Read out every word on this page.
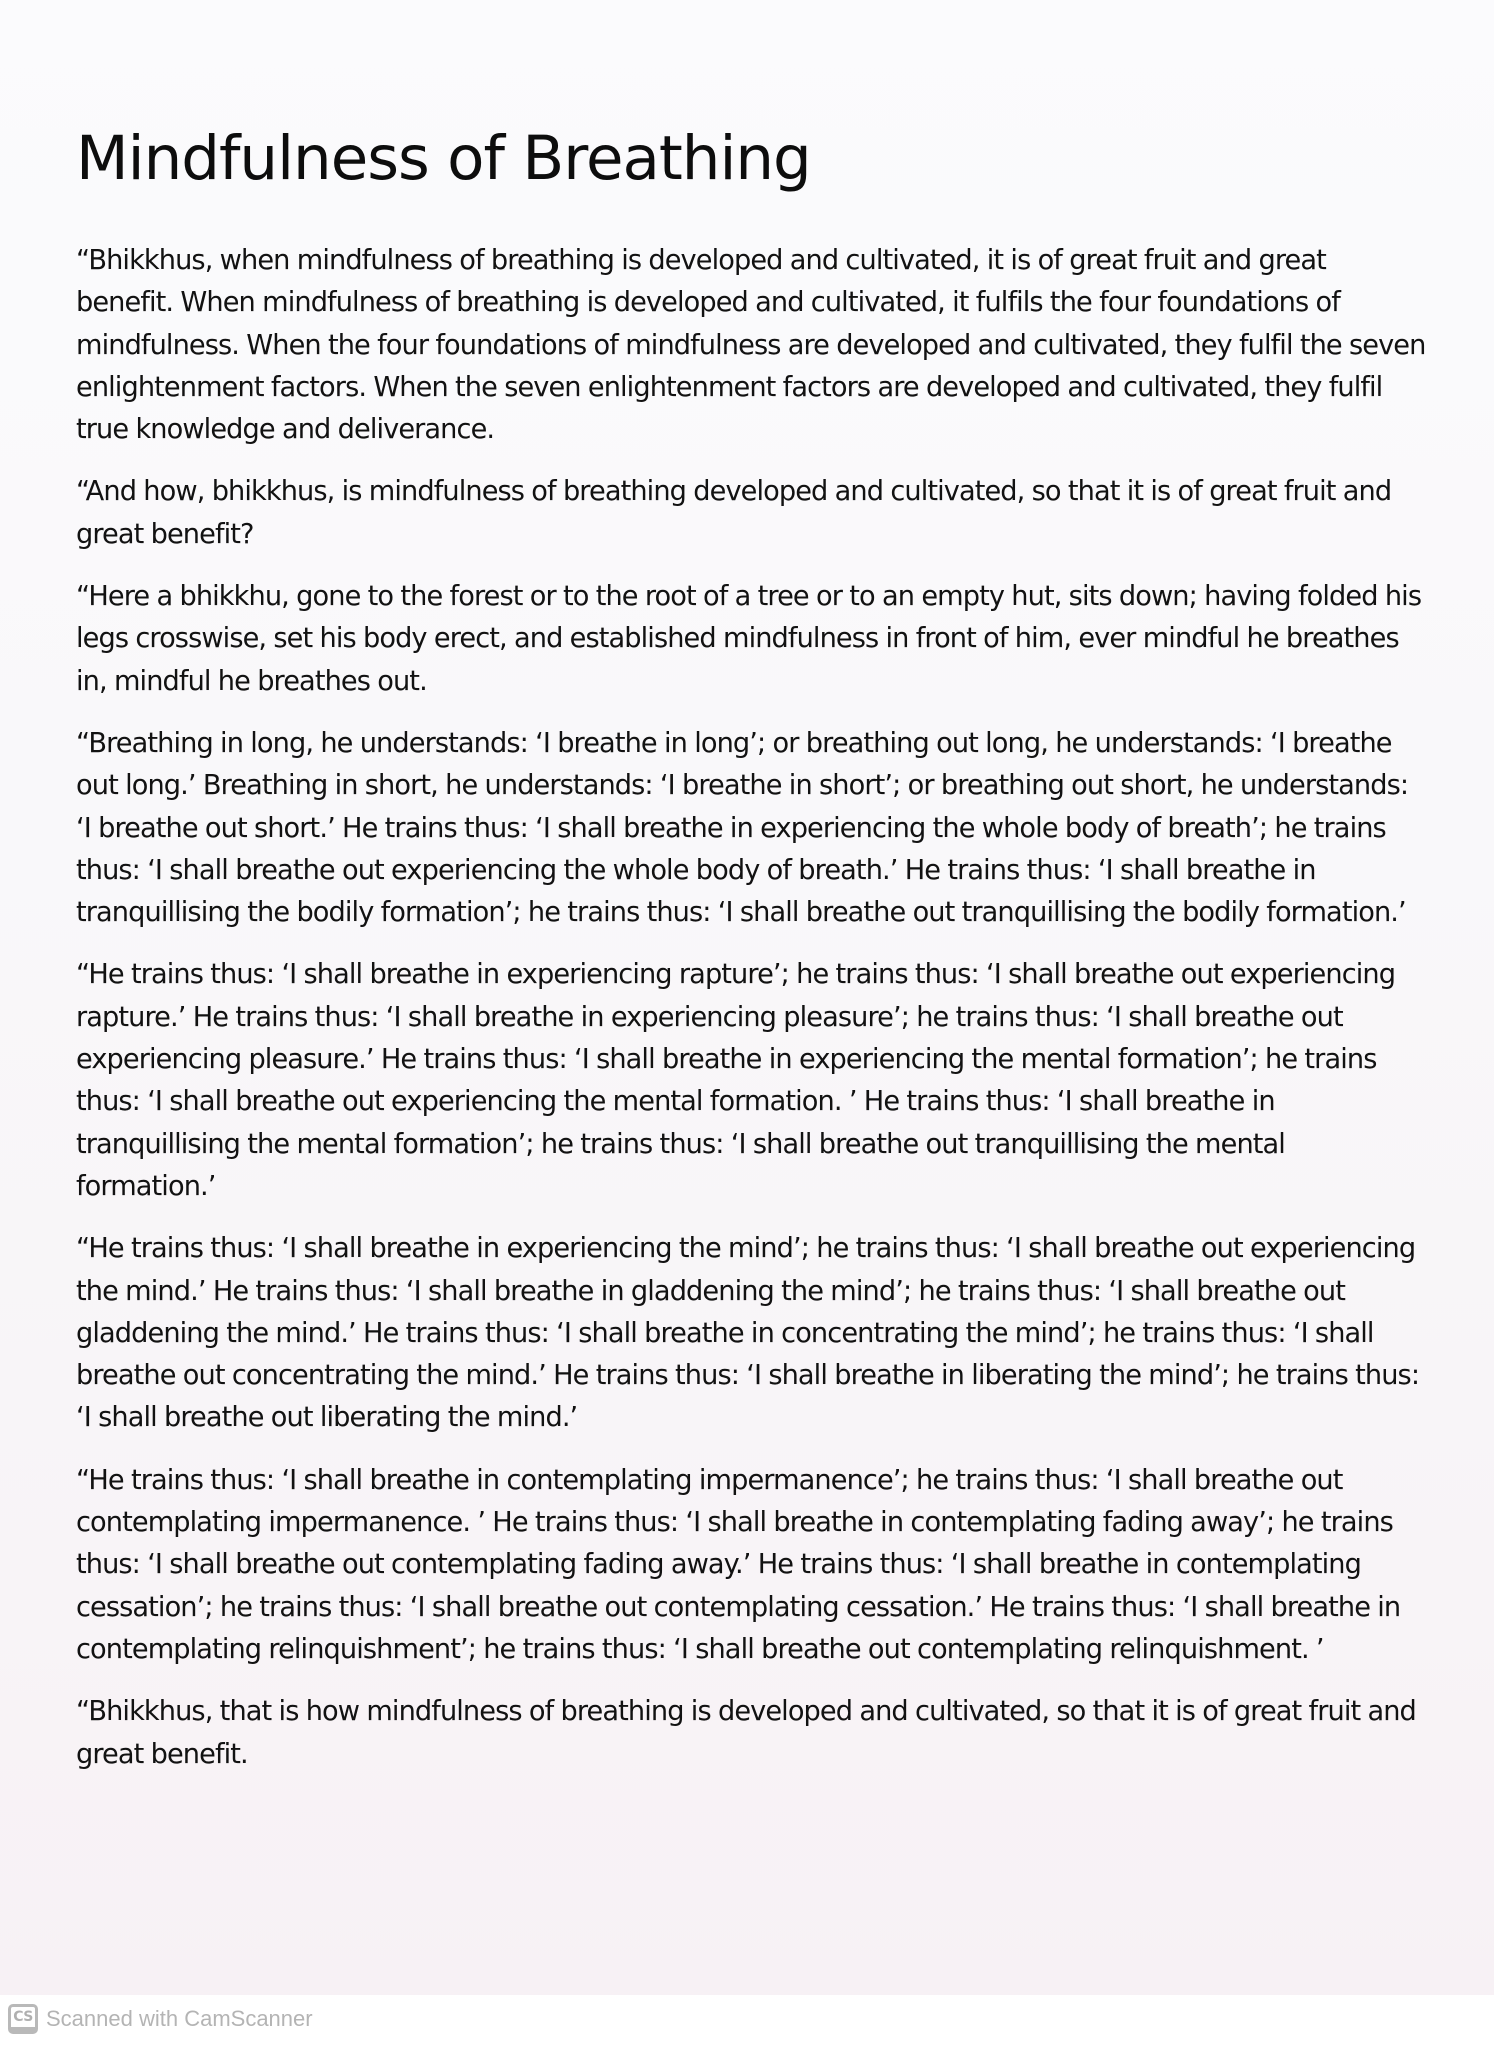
Mindfulness of Breathing

“Bhikkhus, when mindfulness of breathing is developed and cultivated, it is of great fruit and great benefit. When mindfulness of breathing is developed and cultivated, it fulfils the four foundations of mindfulness. When the four foundations of mindfulness are developed and cultivated, they fulfil the seven enlightenment factors. When the seven enlightenment factors are developed and cultivated, they fulfil true knowledge and deliverance.

“And how, bhikkhus, is mindfulness of breathing developed and cultivated, so that it is of great fruit and great benefit?

“Here a bhikkhu, gone to the forest or to the root of a tree or to an empty hut, sits down; having folded his legs crosswise, set his body erect, and established mindfulness in front of him, ever mindful he breathes in, mindful he breathes out.

“Breathing in long, he understands: ‘I breathe in long’; or breathing out long, he understands: ‘I breathe out long.’ Breathing in short, he understands: ‘I breathe in short’; or breathing out short, he understands: ‘I breathe out short.’ He trains thus: ‘I shall breathe in experiencing the whole body of breath’; he trains thus: ‘I shall breathe out experiencing the whole body of breath.’ He trains thus: ‘I shall breathe in tranquillising the bodily formation’; he trains thus: ‘I shall breathe out tranquillising the bodily formation.’

“He trains thus: ‘I shall breathe in experiencing rapture’; he trains thus: ‘I shall breathe out experiencing rapture.’ He trains thus: ‘I shall breathe in experiencing pleasure’; he trains thus: ‘I shall breathe out experiencing pleasure.’ He trains thus: ‘I shall breathe in experiencing the mental formation’; he trains thus: ‘I shall breathe out experiencing the mental formation. ’ He trains thus: ‘I shall breathe in tranquillising the mental formation’; he trains thus: ‘I shall breathe out tranquillising the mental formation.’

“He trains thus: ‘I shall breathe in experiencing the mind’; he trains thus: ‘I shall breathe out experiencing the mind.’ He trains thus: ‘I shall breathe in gladdening the mind’; he trains thus: ‘I shall breathe out gladdening the mind.’ He trains thus: ‘I shall breathe in concentrating the mind’; he trains thus: ‘I shall breathe out concentrating the mind.’ He trains thus: ‘I shall breathe in liberating the mind’; he trains thus: ‘I shall breathe out liberating the mind.’

“He trains thus: ‘I shall breathe in contemplating impermanence’; he trains thus: ‘I shall breathe out contemplating impermanence. ’ He trains thus: ‘I shall breathe in contemplating fading away’; he trains thus: ‘I shall breathe out contemplating fading away.’ He trains thus: ‘I shall breathe in contemplating cessation’; he trains thus: ‘I shall breathe out contemplating cessation.’ He trains thus: ‘I shall breathe in contemplating relinquishment’; he trains thus: ‘I shall breathe out contemplating relinquishment. ’

“Bhikkhus, that is how mindfulness of breathing is developed and cultivated, so that it is of great fruit and great benefit.

CS Scanned with CamScanner
